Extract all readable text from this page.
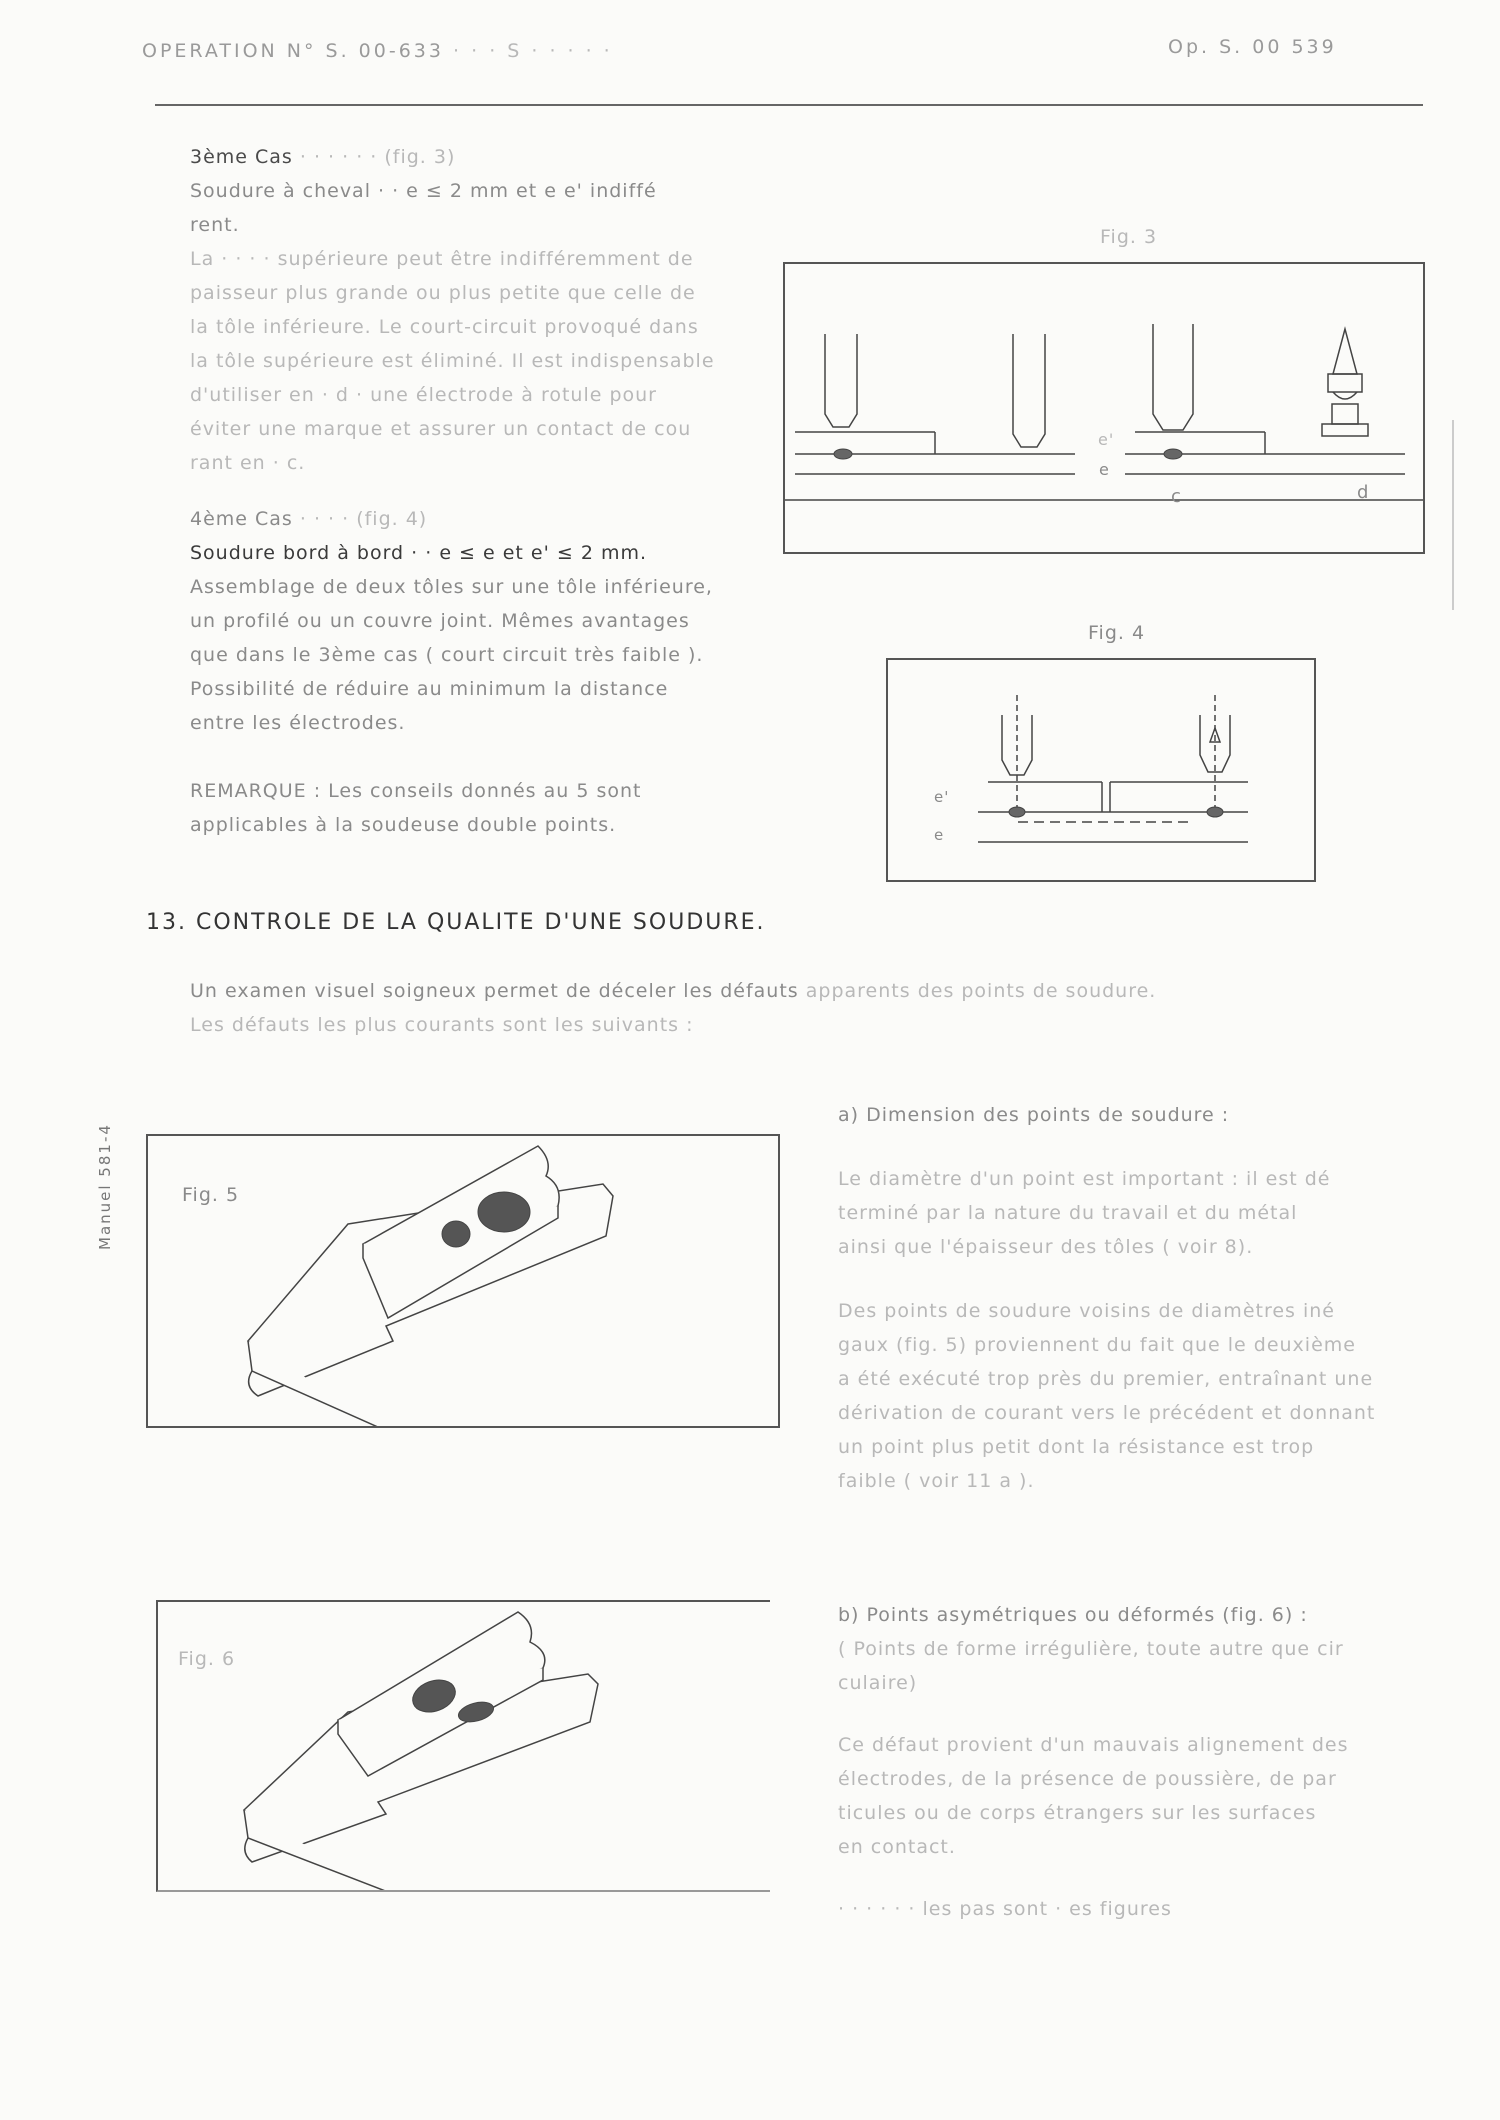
OPERATION N° S. 00-633 · · · S · · · · ·	Op. S. 00 539
3ème Cas · · · · · · (fig. 3)
Soudure à cheval · · e ≤ 2 mm et e e' indiffé
rent.
La · · · · supérieure peut être indifféremment de
paisseur plus grande ou plus petite que celle de
la tôle inférieure. Le court-circuit provoqué dans
la tôle supérieure est éliminé. Il est indispensable
d'utiliser en · d · une électrode à rotule pour
éviter une marque et assurer un contact de cou
rant en · c.
4ème Cas · · · · (fig. 4)
Soudure bord à bord · · e ≤ e et e' ≤ 2 mm.
Assemblage de deux tôles sur une tôle inférieure,
un profilé ou un couvre joint. Mêmes avantages
que dans le 3ème cas ( court circuit très faible ).
Possibilité de réduire au minimum la distance
entre les électrodes.
REMARQUE : Les conseils donnés au 5 sont
applicables à la soudeuse double points.
Fig. 3
e'
e
c	d
Fig. 4
e'
e
13. CONTROLE DE LA QUALITE D'UNE SOUDURE.
Un examen visuel soigneux permet de déceler les défauts apparents des points de soudure.
Les défauts les plus courants sont les suivants :
Manuel 581-4	Fig. 5
Fig. 6
a) Dimension des points de soudure :
Le diamètre d'un point est important : il est dé
terminé par la nature du travail et du métal
ainsi que l'épaisseur des tôles ( voir 8).
Des points de soudure voisins de diamètres iné
gaux (fig. 5) proviennent du fait que le deuxième
a été exécuté trop près du premier, entraînant une
dérivation de courant vers le précédent et donnant
un point plus petit dont la résistance est trop
faible ( voir 11 a ).
b) Points asymétriques ou déformés (fig. 6) :
( Points de forme irrégulière, toute autre que cir
culaire)
Ce défaut provient d'un mauvais alignement des
électrodes, de la présence de poussière, de par
ticules ou de corps étrangers sur les surfaces
en contact.
· · · · · · les pas sont · es figures
